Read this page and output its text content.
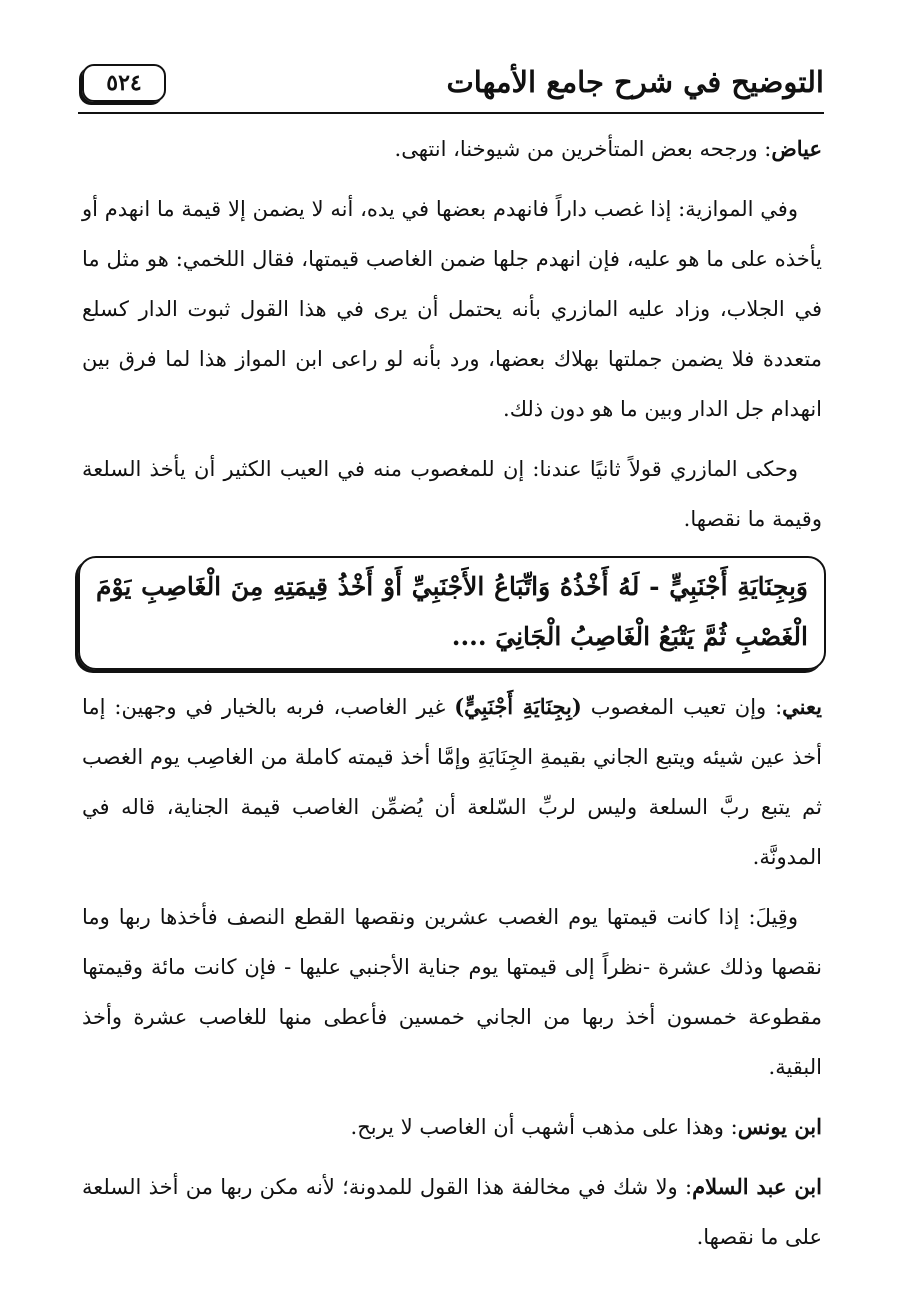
التوضيح في شرح جامع الأمهات
٥٢٤

عياض: ورجحه بعض المتأخرين من شيوخنا، انتهى.

وفي الموازية: إذا غصب داراً فانهدم بعضها في يده، أنه لا يضمن إلا قيمة ما انهدم أو يأخذه على ما هو عليه، فإن انهدم جلها ضمن الغاصب قيمتها، فقال اللخمي: هو مثل ما في الجلاب، وزاد عليه المازري بأنه يحتمل أن يرى في هذا القول ثبوت الدار كسلع متعددة فلا يضمن جملتها بهلاك بعضها، ورد بأنه لو راعى ابن المواز هذا لما فرق بين انهدام جل الدار وبين ما هو دون ذلك.

وحكى المازري قولاً ثانيًا عندنا: إن للمغصوب منه في العيب الكثير أن يأخذ السلعة وقيمة ما نقصها.

وَبِجِنَايَةِ أَجْنَبِيٍّ - لَهُ أَخْذُهُ وَاتِّبَاعُ الأَجْنَبِيِّ أَوْ أَخْذُ قِيمَتِهِ مِنَ الْغَاصِبِ يَوْمَ الْغَصْبِ ثُمَّ يَتْبَعُ الْغَاصِبُ الْجَانِيَ ....

يعني: وإن تعيب المغصوب (بِجِنَايَةِ أَجْنَبِيٍّ) غير الغاصب، فربه بالخيار في وجهين: إما أخذ عين شيئه ويتبع الجاني بقيمةِ الجِنَايَةِ وإمَّا أخذ قيمته كاملة من الغاصِب يوم الغصب ثم يتبع ربَّ السلعة وليس لربِّ السّلعة أن يُضمِّن الغاصب قيمة الجناية، قاله في المدونَّة.

وقِيلَ: إذا كانت قيمتها يوم الغصب عشرين ونقصها القطع النصف فأخذها ربها وما نقصها وذلك عشرة -نظراً إلى قيمتها يوم جناية الأجنبي عليها - فإن كانت مائة وقيمتها مقطوعة خمسون أخذ ربها من الجاني خمسين فأعطى منها للغاصب عشرة وأخذ البقية.

ابن يونس: وهذا على مذهب أشهب أن الغاصب لا يربح.

ابن عبد السلام: ولا شك في مخالفة هذا القول للمدونة؛ لأنه مكن ربها من أخذ السلعة على ما نقصها.
